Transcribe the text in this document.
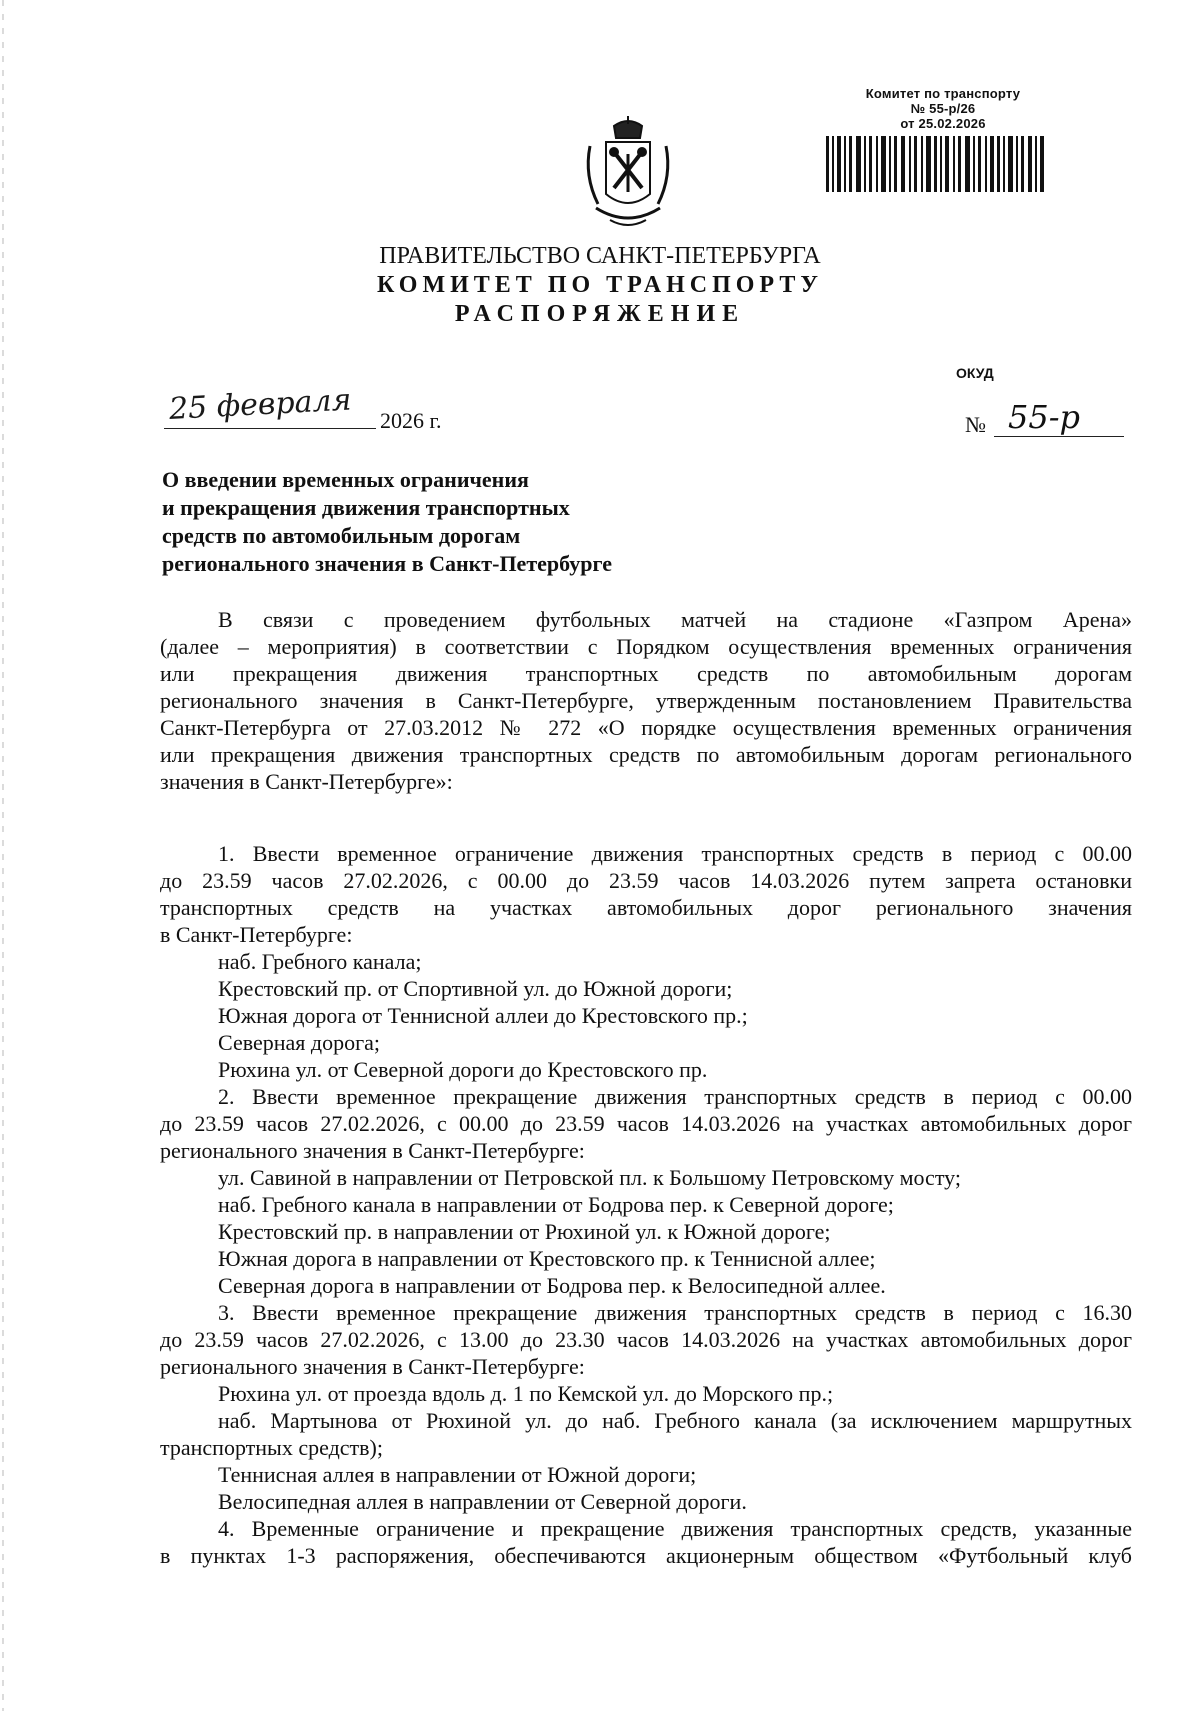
Комитет по транспорту
№ 55-р/26
от 25.02.2026
ПРАВИТЕЛЬСТВО САНКТ-ПЕТЕРБУРГА
КОМИТЕТ ПО ТРАНСПОРТУ
РАСПОРЯЖЕНИЕ
ОКУД
25 февраля 2026 г.	№ 55-р
О введении временных ограничения
и прекращения движения транспортных
средств по автомобильным дорогам
регионального значения в Санкт-Петербурге
В связи с проведением футбольных матчей на стадионе «Газпром Арена»
(далее – мероприятия) в соответствии с Порядком осуществления временных ограничения
или прекращения движения транспортных средств по автомобильным дорогам
регионального значения в Санкт-Петербурге, утвержденным постановлением Правительства
Санкт-Петербурга от 27.03.2012 № 272 «О порядке осуществления временных ограничения
или прекращения движения транспортных средств по автомобильным дорогам регионального
значения в Санкт-Петербурге»:
1. Ввести временное ограничение движения транспортных средств в период с 00.00
до 23.59 часов 27.02.2026, с 00.00 до 23.59 часов 14.03.2026 путем запрета остановки
транспортных средств на участках автомобильных дорог регионального значения
в Санкт-Петербурге:
наб. Гребного канала;
Крестовский пр. от Спортивной ул. до Южной дороги;
Южная дорога от Теннисной аллеи до Крестовского пр.;
Северная дорога;
Рюхина ул. от Северной дороги до Крестовского пр.
2. Ввести временное прекращение движения транспортных средств в период с 00.00
до 23.59 часов 27.02.2026, с 00.00 до 23.59 часов 14.03.2026 на участках автомобильных дорог
регионального значения в Санкт-Петербурге:
ул. Савиной в направлении от Петровской пл. к Большому Петровскому мосту;
наб. Гребного канала в направлении от Бодрова пер. к Северной дороге;
Крестовский пр. в направлении от Рюхиной ул. к Южной дороге;
Южная дорога в направлении от Крестовского пр. к Теннисной аллее;
Северная дорога в направлении от Бодрова пер. к Велосипедной аллее.
3. Ввести временное прекращение движения транспортных средств в период с 16.30
до 23.59 часов 27.02.2026, с 13.00 до 23.30 часов 14.03.2026 на участках автомобильных дорог
регионального значения в Санкт-Петербурге:
Рюхина ул. от проезда вдоль д. 1 по Кемской ул. до Морского пр.;
наб. Мартынова от Рюхиной ул. до наб. Гребного канала (за исключением маршрутных
транспортных средств);
Теннисная аллея в направлении от Южной дороги;
Велосипедная аллея в направлении от Северной дороги.
4. Временные ограничение и прекращение движения транспортных средств, указанные
в пунктах 1-3 распоряжения, обеспечиваются акционерным обществом «Футбольный клуб
